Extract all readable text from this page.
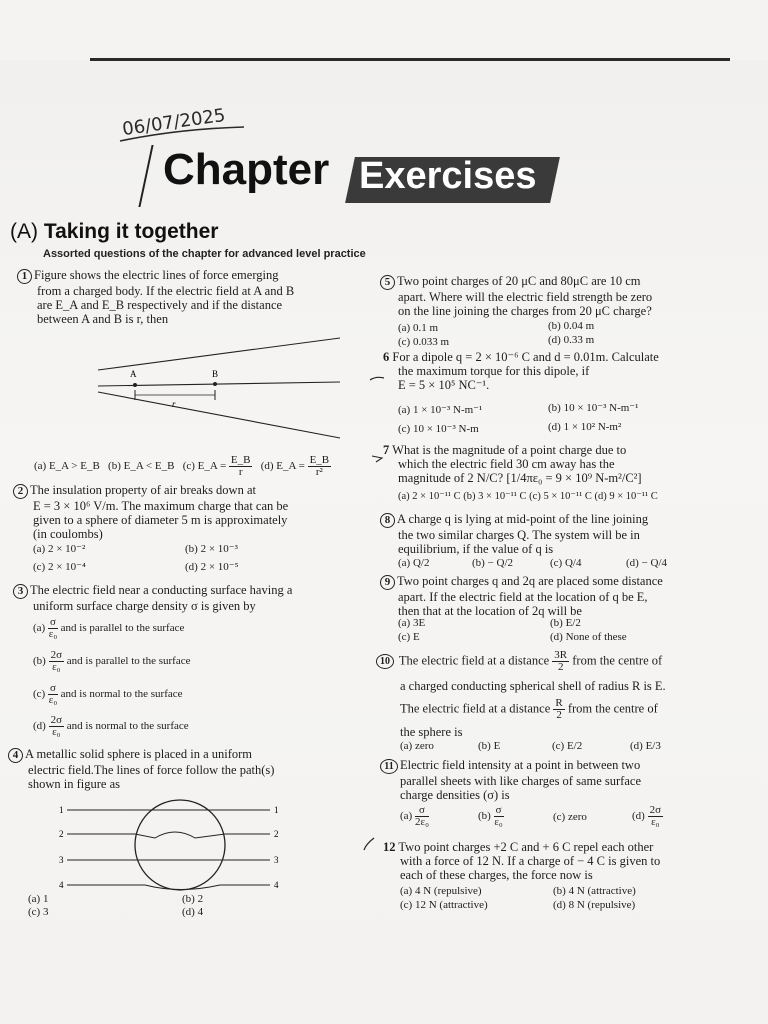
06/07/2025
Chapter Exercises
(A) Taking it together
Assorted questions of the chapter for advanced level practice
1 Figure shows the electric lines of force emerging
from a charged body. If the electric field at A and B
are E_A and E_B respectively and if the distance
between A and B is r, then
A	B
r
(a) E_A > E_B (b) E_A < E_B (c) E_A = $\frac{E\_B}{r} (d)$ E_A = $\frac{E\_B}{\text{r²}}$
2 The insulation property of air breaks down at
E = 3 × 10⁶ V/m. The maximum charge that can be
given to a sphere of diameter 5 m is approximately
(in coulombs)
(a) 2 × 10⁻²	(b) 2 × 10⁻³
(c) 2 × 10⁻⁴	(d) 2 × 10⁻⁵
3 The electric field near a conducting surface having a
uniform surface charge density σ is given by
$(a) \frac{\sigma}{\text{ε₀}}$ and is parallel to the surface
$(b) \frac{2\sigma}{\text{ε₀}}$ and is parallel to the surface
$(c) \frac{\sigma}{\text{ε₀}}$ and is normal to the surface
$(d) \frac{2\sigma}{\text{ε₀}}$ and is normal to the surface
4 A metallic solid sphere is placed in a uniform
electric field.The lines of force follow the path(s)
shown in figure as
1
2
3
4
1
2
3
4
(a) 1	(b) 2
(c) 3	(d) 4
5 Two point charges of 20 μC and 80μC are 10 cm
apart. Where will the electric field strength be zero
on the line joining the charges from 20 μC charge?
(a) 0.1 m	(b) 0.04 m
(c) 0.033 m	(d) 0.33 m
6 For a dipole q = 2 × 10⁻⁶ C and d = 0.01m. Calculate
the maximum torque for this dipole, if
E = 5 × 10⁵ NC⁻¹.
(a) 1 × 10⁻³ N-m⁻¹	(b) 10 × 10⁻³ N-m⁻¹
(c) 10 × 10⁻³ N-m	(d) 1 × 10² N-m²
7 What is the magnitude of a point charge due to
which the electric field 30 cm away has the
magnitude of 2 N/C? [1/4πε₀ = 9 × 10⁹ N-m²/C²]
(a) 2 × 10⁻¹¹ C (b) 3 × 10⁻¹¹ C (c) 5 × 10⁻¹¹ C (d) 9 × 10⁻¹¹ C
8 A charge q is lying at mid-point of the line joining
the two similar charges Q. The system will be in
equilibrium, if the value of q is
(a) Q/2	(b) − Q/2	(c) Q/4	(d) − Q/4
9 Two point charges q and 2q are placed some distance
apart. If the electric field at the location of q be E,
then that at the location of 2q will be
(a) 3E	(b) E/2
(c) E	(d) None of these
10 The electric field at a distance $\frac{3R}{2}$ from the centre of
a charged conducting spherical shell of radius R is E.
The electric field at a distance $\frac{R}{2}$ from the centre of
the sphere is
(a) zero	(b) E	(c) E/2	(d) E/3
11 Electric field intensity at a point in between two
parallel sheets with like charges of same surface
charge densities (σ) is
$(a) \frac{\sigma}{\text{2ε₀}}$	$(b) \frac{\sigma}{\text{ε₀}}$	(c) zero	$(d) \frac{2\sigma}{\text{ε₀}}$
12 Two point charges +2 C and + 6 C repel each other
with a force of 12 N. If a charge of − 4 C is given to
each of these charges, the force now is
(a) 4 N (repulsive)	(b) 4 N (attractive)
(c) 12 N (attractive)	(d) 8 N (repulsive)
